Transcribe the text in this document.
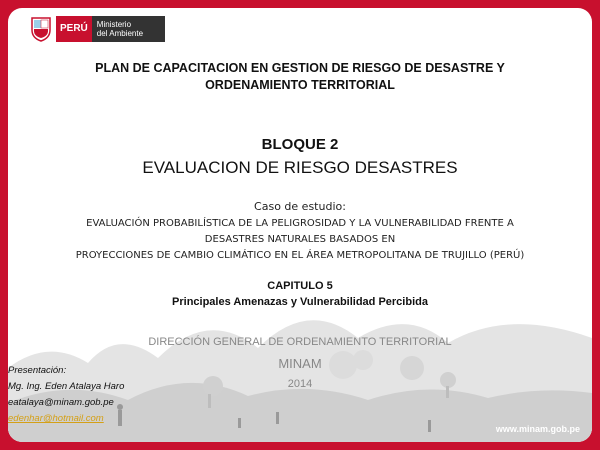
PERÚ	Ministerio
del Ambiente
PLAN DE CAPACITACION EN GESTION DE RIESGO DE DESASTRE Y
ORDENAMIENTO TERRITORIAL
BLOQUE 2
EVALUACION DE RIESGO DESASTRES
Caso de estudio:
EVALUACIÓN PROBABILÍSTICA DE LA PELIGROSIDAD Y LA VULNERABILIDAD FRENTE A
DESASTRES NATURALES BASADOS EN
PROYECCIONES DE CAMBIO CLIMÁTICO EN EL ÁREA METROPOLITANA DE TRUJILLO (PERÚ)
CAPITULO 5
Principales Amenazas y Vulnerabilidad Percibida
DIRECCIÓN GENERAL DE ORDENAMIENTO TERRITORIAL
MINAM
2014
Presentación:
Mg. Ing. Eden Atalaya Haro
eatalaya@minam.gob.pe
edenhar@hotmail.com
www.minam.gob.pe
